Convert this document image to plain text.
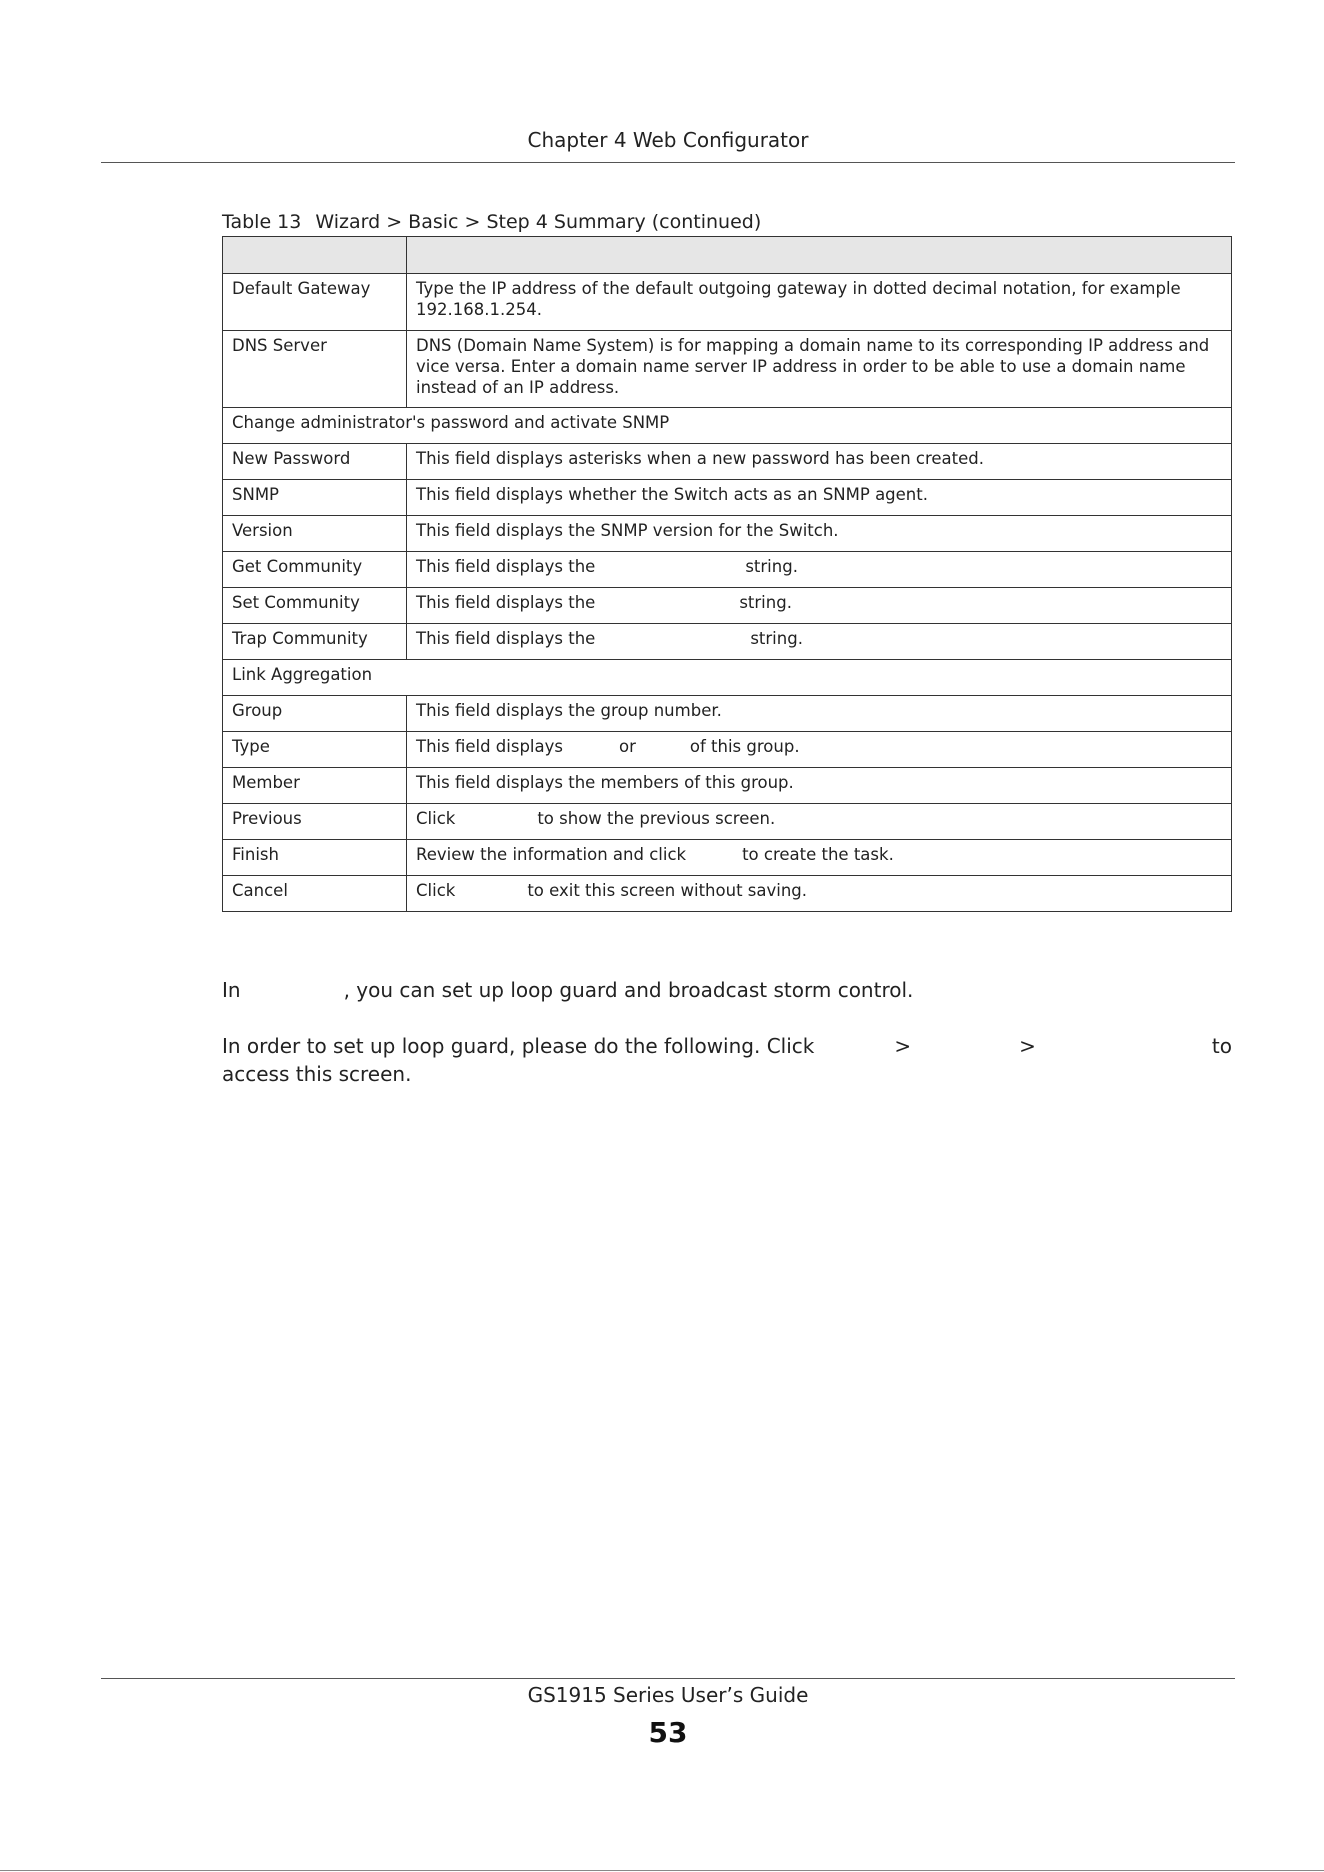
Chapter 4 Web Configurator
Table 13 Wizard > Basic > Step 4 Summary (continued)

Default Gateway	Type the IP address of the default outgoing gateway in dotted decimal notation, for example 192.168.1.254.
DNS Server	DNS (Domain Name System) is for mapping a domain name to its corresponding IP address and vice versa. Enter a domain name server IP address in order to be able to use a domain name instead of an IP address.
Change administrator's password and activate SNMP	
New Password	This field displays asterisks when a new password has been created.
SNMP	This field displays whether the Switch acts as an SNMP agent.
Version	This field displays the SNMP version for the Switch.
Get Community	This field displays the string.
Set Community	This field displays the string.
Trap Community	This field displays the string.
Link Aggregation	
Group	This field displays the group number.
Type	This field displays or of this group.
Member	This field displays the members of this group.
Previous	Click to show the previous screen.
Finish	Review the information and click to create the task.
Cancel	Click to exit this screen without saving.
In	, you can set up loop guard and broadcast storm control.
In order to set up loop guard, please do the following. Click	>	>	to
access this screen.
GS1915 Series User’s Guide
53
